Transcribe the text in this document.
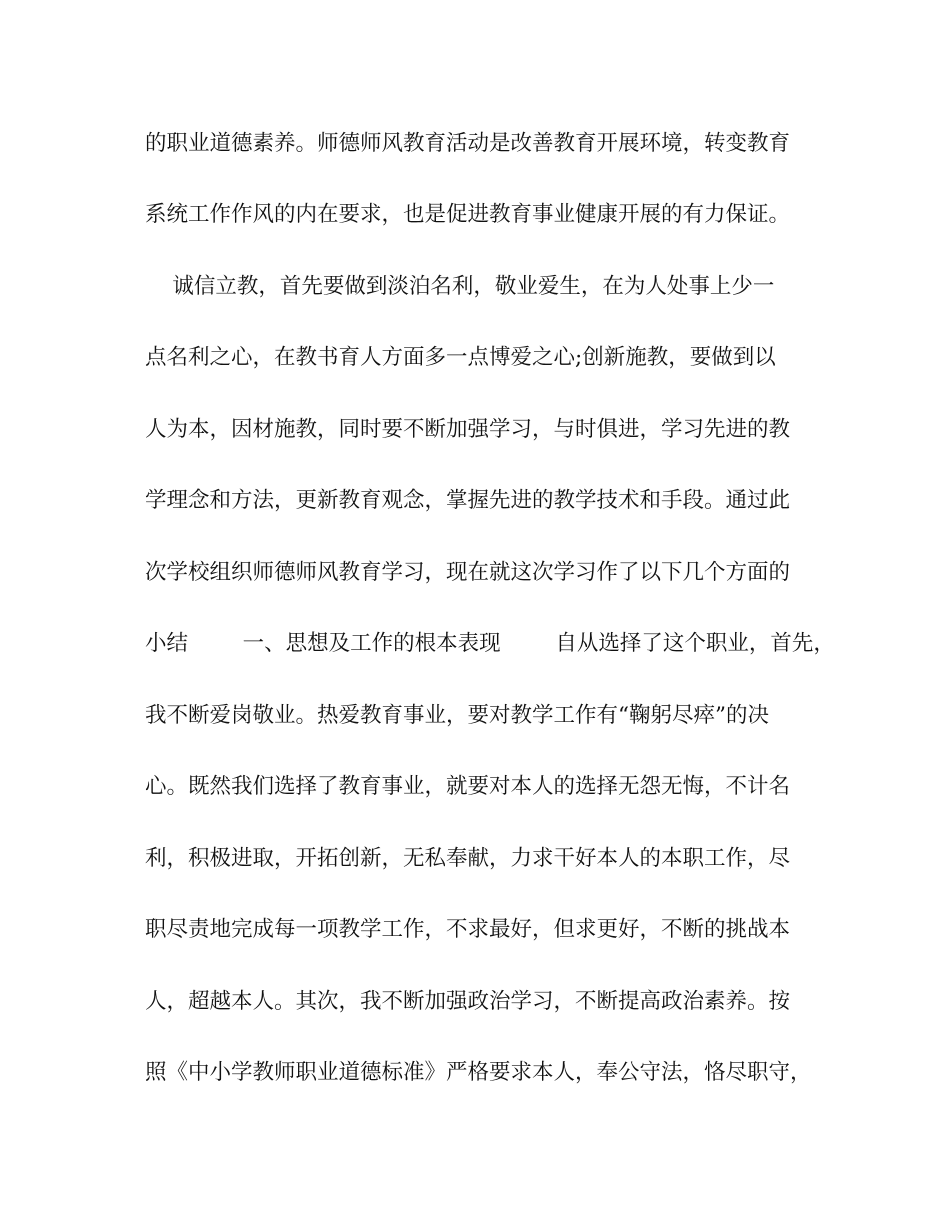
的职业道德素养。师德师风教育活动是改善教育开展环境，转变教育
系统工作作风的内在要求，也是促进教育事业健康开展的有力保证。
诚信立教，首先要做到淡泊名利，敬业爱生，在为人处事上少一
点名利之心，在教书育人方面多一点博爱之心;创新施教，要做到以
人为本，因材施教，同时要不断加强学习，与时俱进，学习先进的教
学理念和方法，更新教育观念，掌握先进的教学技术和手段。通过此
次学校组织师德师风教育学习，现在就这次学习作了以下几个方面的
小结        一、思想及工作的根本表现        自从选择了这个职业，首先，
我不断爱岗敬业。热爱教育事业，要对教学工作有“鞠躬尽瘁”的决
心。既然我们选择了教育事业，就要对本人的选择无怨无悔，不计名
利，积极进取，开拓创新，无私奉献，力求干好本人的本职工作，尽
职尽责地完成每一项教学工作，不求最好，但求更好，不断的挑战本
人，超越本人。其次，我不断加强政治学习，不断提高政治素养。按
照《中小学教师职业道德标准》严格要求本人，奉公守法，恪尽职守，
